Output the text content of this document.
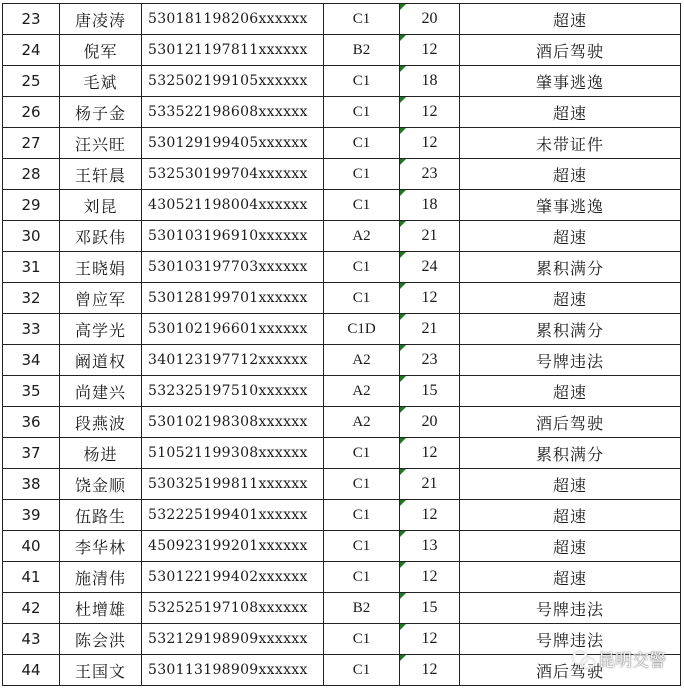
23	唐凌涛	530181198206xxxxxx	C1	20	超速
24	倪军	530121197811xxxxxx	B2	12	酒后驾驶
25	毛斌	532502199105xxxxxx	C1	18	肇事逃逸
26	杨子金	533522198608xxxxxx	C1	12	超速
27	汪兴旺	530129199405xxxxxx	C1	12	未带证件
28	王轩晨	532530199704xxxxxx	C1	23	超速
29	刘昆	430521198004xxxxxx	C1	18	肇事逃逸
30	邓跃伟	530103196910xxxxxx	A2	21	超速
31	王晓娟	530103197703xxxxxx	C1	24	累积满分
32	曾应军	530128199701xxxxxx	C1	12	超速
33	高学光	530102196601xxxxxx	C1D	21	累积满分
34	阚道权	340123197712xxxxxx	A2	23	号牌违法
35	尚建兴	532325197510xxxxxx	A2	15	超速
36	段燕波	530102198308xxxxxx	A2	20	酒后驾驶
37	杨进	510521199308xxxxxx	C1	12	累积满分
38	饶金顺	530325199811xxxxxx	C1	21	超速
39	伍路生	532225199401xxxxxx	C1	12	超速
40	李华林	450923199201xxxxxx	C1	13	超速
41	施清伟	530122199402xxxxxx	C1	12	超速
42	杜增雄	532525197108xxxxxx	B2	15	号牌违法
43	陈会洪	532129198909xxxxxx	C1	12	号牌违法
44	王国文	530113198909xxxxxx	C1	12	酒后驾驶
昆明交警
